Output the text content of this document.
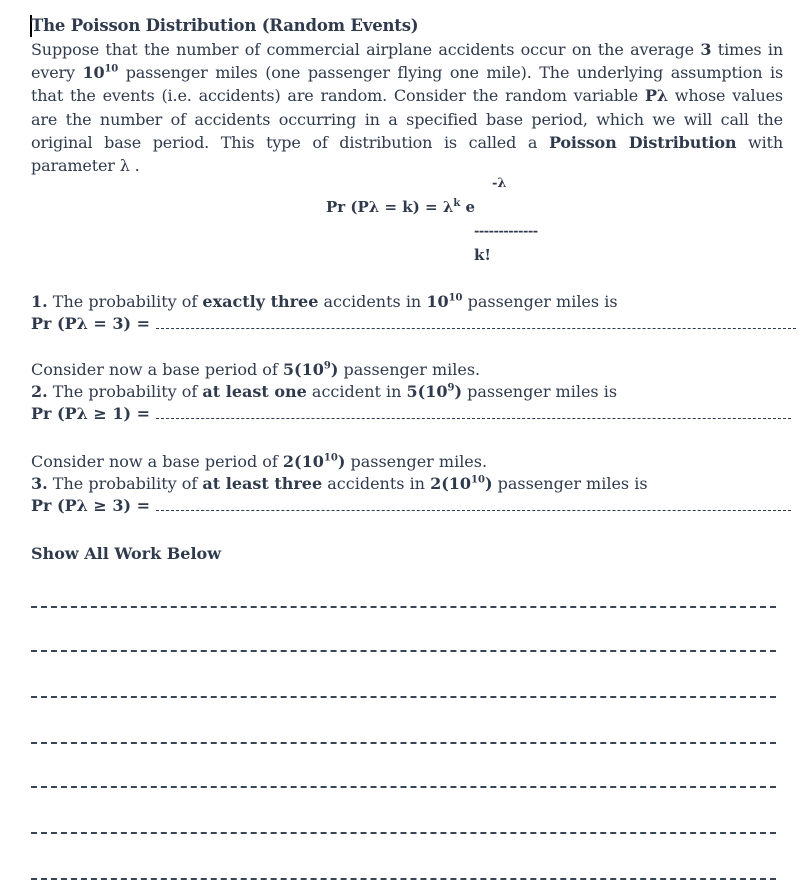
The Poisson Distribution (Random Events)

Suppose that the number of commercial airplane accidents occur on the average 3 times in every $10^{10}$ passenger miles (one passenger flying one mile). The underlying assumption is that the events (i.e. accidents) are random. Consider the random variable Pλ whose values are the number of accidents occurring in a specified base period, which we will call the original base period. This type of distribution is called a Poisson Distribution with parameter λ .

-λ
Pr $(P\lambda = k) = \lambda^k$ e
-------------
k!
1. The probability of exactly three accidents in $10^{10}$ passenger miles is
Pr (Pλ = 3) =
Consider now a base period of $5(10^9)$ passenger miles.
2. The probability of at least one accident in $5(10^9)$ passenger miles is
Pr (Pλ ≥ 1) =
Consider now a base period of $2(10^{10})$ passenger miles.
3. The probability of at least three accidents in $2(10^{10})$ passenger miles is
Pr (Pλ ≥ 3) =
Show All Work Below
